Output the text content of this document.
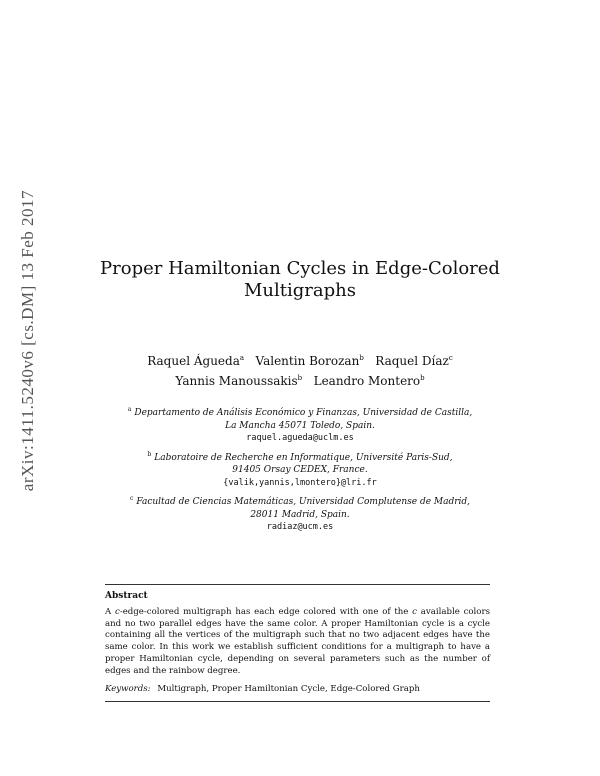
arXiv:1411.5240v6 [cs.DM] 13 Feb 2017	Proper Hamiltonian Cycles in Edge-Colored
Multigraphs
Raquel Águeda$^a$ Valentin Borozan$^b$ Raquel Díaz$^c$
Yannis Manoussakis$^b$ Leandro Montero$^b$
$^a$ Departamento de Análisis Económico y Finanzas, Universidad de Castilla,
La Mancha 45071 Toledo, Spain.
raquel.agueda@uclm.es
$^b$ Laboratoire de Recherche en Informatique, Université Paris-Sud,
91405 Orsay CEDEX, France.
{valik,yannis,lmontero}@lri.fr
$^c$ Facultad de Ciencias Matemáticas, Universidad Complutense de Madrid,
28011 Madrid, Spain.
radiaz@ucm.es
Abstract
A c-edge-colored multigraph has each edge colored with one of the c available colors and no two parallel edges have the same color. A proper Hamiltonian cycle is a cycle containing all the vertices of the multigraph such that no two adjacent edges have the same color. In this work we establish sufficient conditions for a multigraph to have a proper Hamiltonian cycle, depending on several parameters such as the number of edges and the rainbow degree.
Keywords: Multigraph, Proper Hamiltonian Cycle, Edge-Colored Graph
